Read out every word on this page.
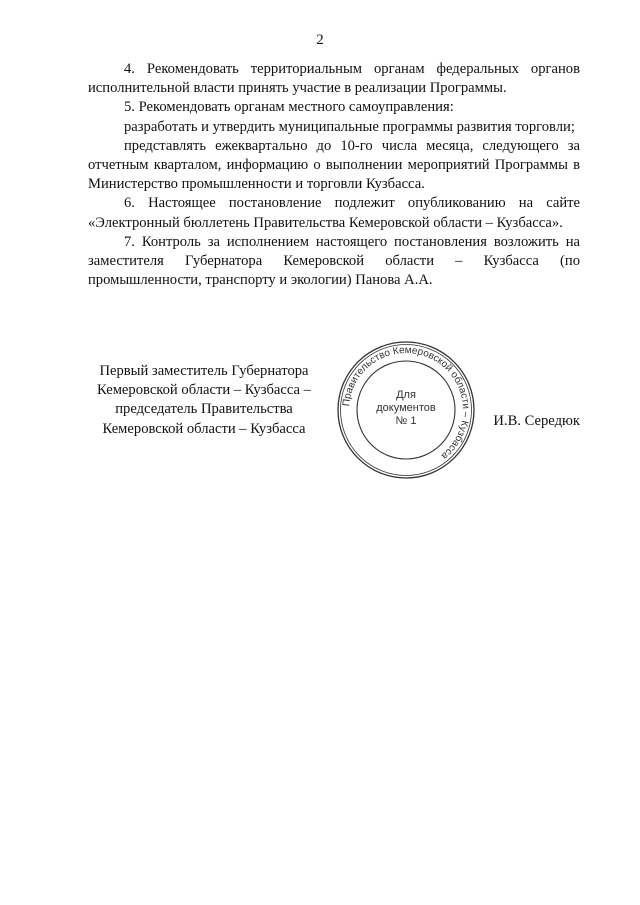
2

4. Рекомендовать территориальным органам федеральных органов исполнительной власти принять участие в реализации Программы.

5. Рекомендовать органам местного самоуправления:

разработать и утвердить муниципальные программы развития торговли;

представлять ежеквартально до 10-го числа месяца, следующего за отчетным кварталом, информацию о выполнении мероприятий Программы в Министерство промышленности и торговли Кузбасса.

6. Настоящее постановление подлежит опубликованию на сайте «Электронный бюллетень Правительства Кемеровской области – Кузбасса».

7. Контроль за исполнением настоящего постановления возложить на заместителя Губернатора Кемеровской области – Кузбасса (по промышленности, транспорту и экологии) Панова А.А.

Первый заместитель Губернатора
Кемеровской области – Кузбасса –
председатель Правительства
Кемеровской области – Кузбасса
Правительство Кемеровской области – Кузбасса
Для
документов
№ 1	И.В. Середюк
